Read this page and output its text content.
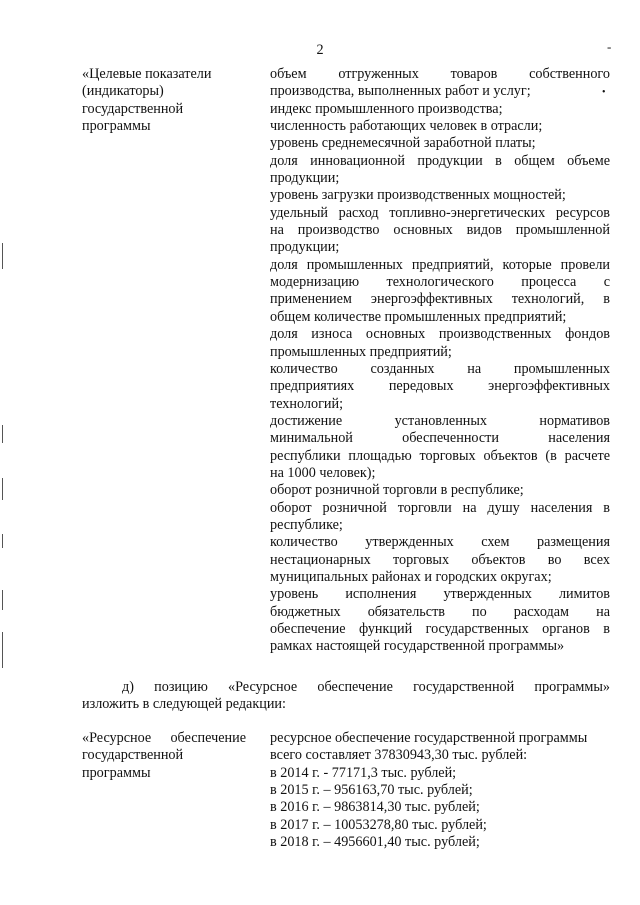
2	-
•
«Целевые показатели
(индикаторы)
государственной
программы
объем отгруженных товаров собственного
производства, выполненных работ и услуг;
индекс промышленного производства;
численность работающих человек в отрасли;
уровень среднемесячной заработной платы;
доля инновационной продукции в общем объеме
продукции;
уровень загрузки производственных мощностей;
удельный расход топливно-энергетических ресурсов
на производство основных видов промышленной
продукции;
доля промышленных предприятий, которые провели
модернизацию технологического процесса с
применением энергоэффективных технологий, в
общем количестве промышленных предприятий;
доля износа основных производственных фондов
промышленных предприятий;
количество созданных на промышленных
предприятиях передовых энергоэффективных
технологий;
достижение установленных нормативов
минимальной обеспеченности населения
республики площадью торговых объектов (в расчете
на 1000 человек);
оборот розничной торговли в республике;
оборот розничной торговли на душу населения в
республике;
количество утвержденных схем размещения
нестационарных торговых объектов во всех
муниципальных районах и городских округах;
уровень исполнения утвержденных лимитов
бюджетных обязательств по расходам на
обеспечение функций государственных органов в
рамках настоящей государственной программы»
д) позицию «Ресурсное обеспечение государственной программы»
изложить в следующей редакции:
«Ресурсное обеспечение
государственной
программы
ресурсное обеспечение государственной программы
всего составляет 37830943,30 тыс. рублей:
в 2014 г. - 77171,3 тыс. рублей;
в 2015 г. – 956163,70 тыс. рублей;
в 2016 г. – 9863814,30 тыс. рублей;
в 2017 г. – 10053278,80 тыс. рублей;
в 2018 г. – 4956601,40 тыс. рублей;
